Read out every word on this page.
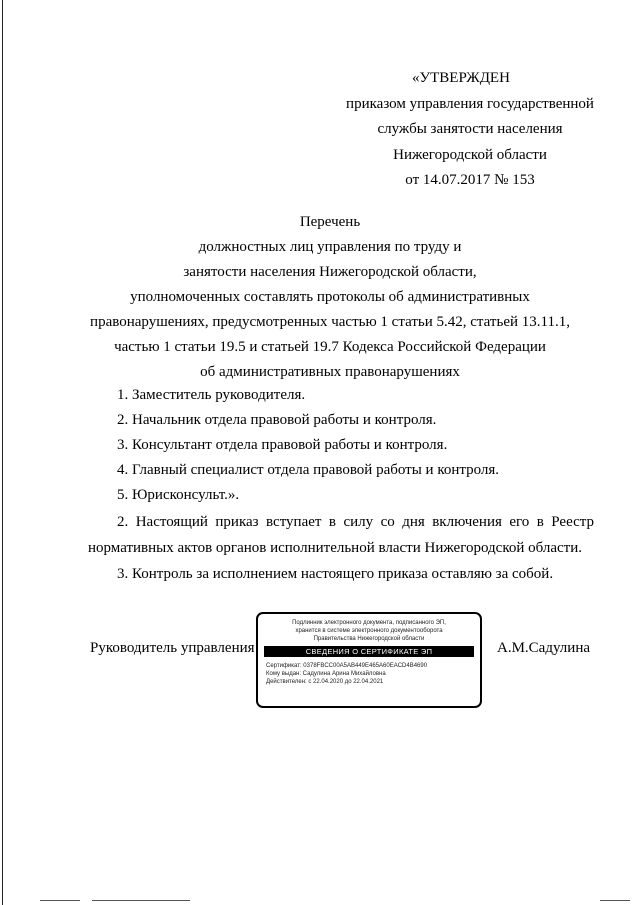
«УТВЕРЖДЕН
приказом управления государственной
службы занятости населения
Нижегородской области
от 14.07.2017 № 153
Перечень
должностных лиц управления по труду и
занятости населения Нижегородской области,
уполномоченных составлять протоколы об административных
правонарушениях, предусмотренных частью 1 статьи 5.42, статьей 13.11.1,
частью 1 статьи 19.5 и статьей 19.7 Кодекса Российской Федерации
об административных правонарушениях
1. Заместитель руководителя.
2. Начальник отдела правовой работы и контроля.
3. Консультант отдела правовой работы и контроля.
4. Главный специалист отдела правовой работы и контроля.
5. Юрисконсульт.».
2. Настоящий приказ вступает в силу со дня включения его в Реестр
нормативных актов органов исполнительной власти Нижегородской области.
3. Контроль за исполнением настоящего приказа оставляю за собой.
Руководитель управления
Подлинник электронного документа, подписанного ЭП,
хранится в системе электронного документооборота
Правительства Нижегородской области
СВЕДЕНИЯ О СЕРТИФИКАТЕ ЭП
Сертификат: 0378FBCC00A5AB449E465A60EACD4B4690
Кому выдан: Садулина Арина Михайловна
Действителен: с 22.04.2020 до 22.04.2021
А.М.Садулина
